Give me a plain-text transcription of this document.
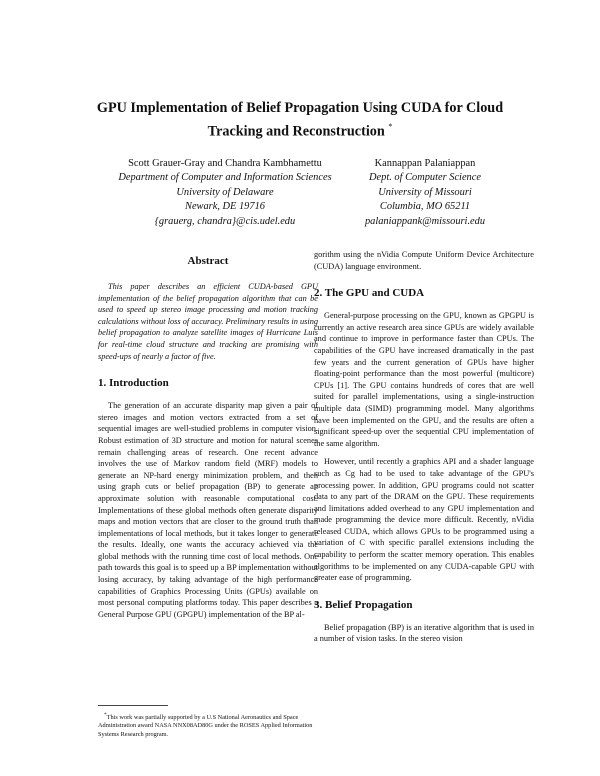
GPU Implementation of Belief Propagation Using CUDA for Cloud
Tracking and Reconstruction *
Scott Grauer-Gray and Chandra Kambhamettu
Department of Computer and Information Sciences
University of Delaware
Newark, DE 19716
{grauerg, chandra}@cis.udel.edu
Kannappan Palaniappan
Dept. of Computer Science
University of Missouri
Columbia, MO 65211
palaniappank@missouri.edu
Abstract

This paper describes an efficient CUDA-based GPU implementation of the belief propagation algorithm that can be used to speed up stereo image processing and motion tracking calculations without loss of accuracy. Preliminary results in using belief propagation to analyze satellite images of Hurricane Luis for real-time cloud structure and tracking are promising with speed-ups of nearly a factor of five.

1. Introduction

The generation of an accurate disparity map given a pair of stereo images and motion vectors extracted from a set of sequential images are well-studied problems in computer vision. Robust estimation of 3D structure and motion for natural scenes remain challenging areas of research. One recent advance involves the use of Markov random field (MRF) models to generate an NP-hard energy minimization problem, and then using graph cuts or belief propagation (BP) to generate an approximate solution with reasonable computational cost. Implementations of these global methods often generate disparity maps and motion vectors that are closer to the ground truth than implementations of local methods, but it takes longer to generate the results. Ideally, one wants the accuracy achieved via the global methods with the running time cost of local methods. One path towards this goal is to speed up a BP implementation without losing accuracy, by taking advantage of the high performance capabilities of Graphics Processing Units (GPUs) available on most personal computing platforms today. This paper describes a General Purpose GPU (GPGPU) implementation of the BP al-

gorithm using the nVidia Compute Uniform Device Architecture (CUDA) language environment.

2. The GPU and CUDA

General-purpose processing on the GPU, known as GPGPU is currently an active research area since GPUs are widely available and continue to improve in performance faster than CPUs. The capabilities of the GPU have increased dramatically in the past few years and the current generation of GPUs have higher floating-point performance than the most powerful (multicore) CPUs [1]. The GPU contains hundreds of cores that are well suited for parallel implementations, using a single-instruction multiple data (SIMD) programming model. Many algorithms have been implemented on the GPU, and the results are often a significant speed-up over the sequential CPU implementation of the same algorithm.

However, until recently a graphics API and a shader language such as Cg had to be used to take advantage of the GPU's processing power. In addition, GPU programs could not scatter data to any part of the DRAM on the GPU. These requirements and limitations added overhead to any GPU implementation and made programming the device more difficult. Recently, nVidia released CUDA, which allows GPUs to be programmed using a variation of C with specific parallel extensions including the capability to perform the scatter memory operation. This enables algorithms to be implemented on any CUDA-capable GPU with greater ease of programming.

3. Belief Propagation

Belief propagation (BP) is an iterative algorithm that is used in a number of vision tasks. In the stereo vision

*This work was partially supported by a U.S National Aeronautics and Space Administration award NASA NNX08AD80G under the ROSES Applied Information Systems Research program.
